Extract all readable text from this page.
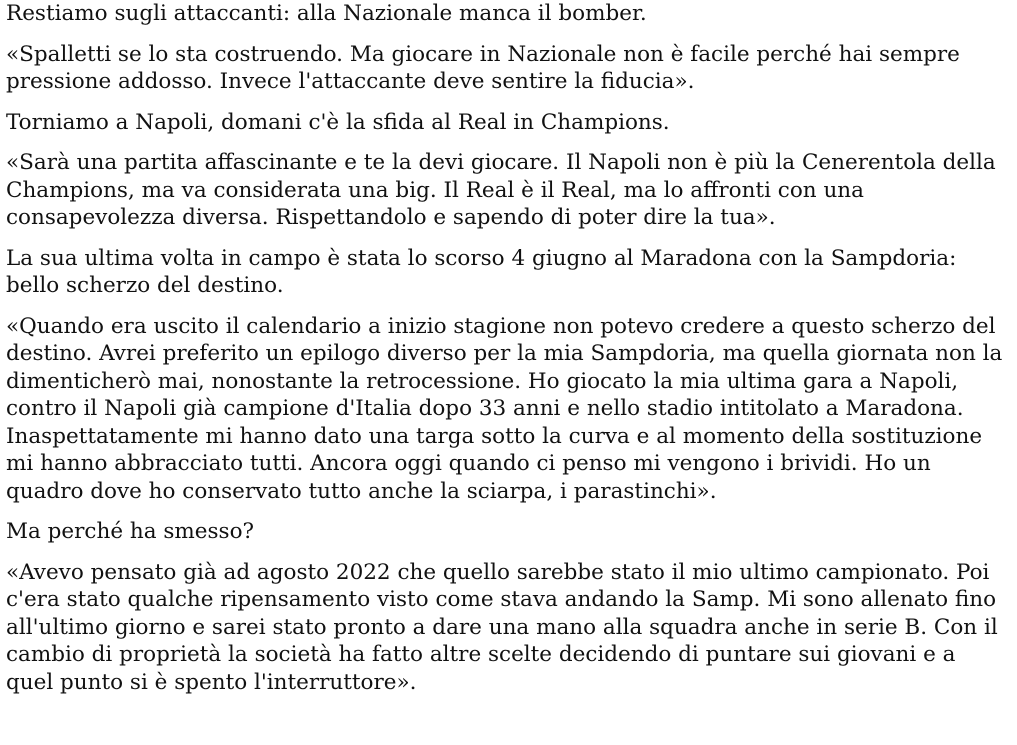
Restiamo sugli attaccanti: alla Nazionale manca il bomber.

«Spalletti se lo sta costruendo. Ma giocare in Nazionale non è facile perché hai sempre pressione addosso. Invece l'attaccante deve sentire la fiducia».

Torniamo a Napoli, domani c'è la sfida al Real in Champions.

«Sarà una partita affascinante e te la devi giocare. Il Napoli non è più la Cenerentola della Champions, ma va considerata una big. Il Real è il Real, ma lo affronti con una consapevolezza diversa. Rispettandolo e sapendo di poter dire la tua».

La sua ultima volta in campo è stata lo scorso 4 giugno al Maradona con la Sampdoria: bello scherzo del destino.

«Quando era uscito il calendario a inizio stagione non potevo credere a questo scherzo del destino. Avrei preferito un epilogo diverso per la mia Sampdoria, ma quella giornata non la dimenticherò mai, nonostante la retrocessione. Ho giocato la mia ultima gara a Napoli, contro il Napoli già campione d'Italia dopo 33 anni e nello stadio intitolato a Maradona. Inaspettatamente mi hanno dato una targa sotto la curva e al momento della sostituzione mi hanno abbracciato tutti. Ancora oggi quando ci penso mi vengono i brividi. Ho un quadro dove ho conservato tutto anche la sciarpa, i parastinchi».

Ma perché ha smesso?

«Avevo pensato già ad agosto 2022 che quello sarebbe stato il mio ultimo campionato. Poi c'era stato qualche ripensamento visto come stava andando la Samp. Mi sono allenato fino all'ultimo giorno e sarei stato pronto a dare una mano alla squadra anche in serie B. Con il cambio di proprietà la società ha fatto altre scelte decidendo di puntare sui giovani e a quel punto si è spento l'interruttore».
